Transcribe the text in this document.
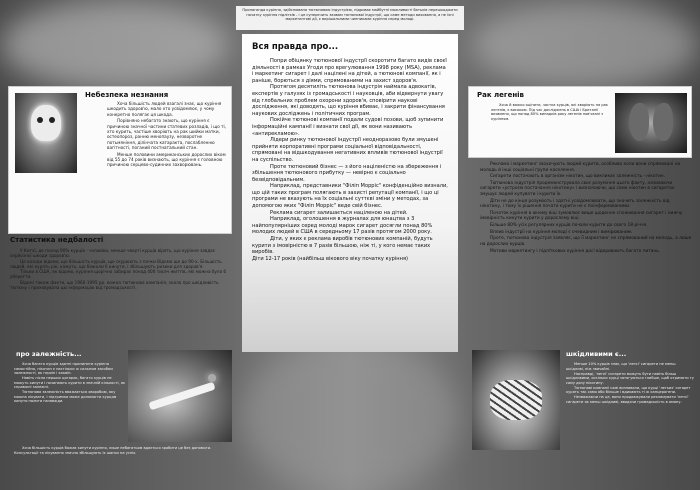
Пропаганда курiння, здiйснювана тютюновою iндустрiєю, підриває майбутнi можливостi батькiв перешкоджати початку курiння пiдлiтків - i це суперечить заявам тютюнової iндустрії, що саме методи виховання, а не їхнi маркетинговi дiї, є вирiшальними чинниками курiння серед молодi.
Вся правда про...

Попри обiцянку тютюнової iндустрiї скоротити багато видiв своєї дiяльностi в рамках Угоди про врегулювання 1998 року (MSA), реклама i маркетинг сигарет i далi націленi на дiтей, а тютюновi компанії, як i ранiше, борються з дiями, спрямованими на захист здоров'я.

Протягом десятилiть тютюнова iндустрiя наймала адвокатiв, експертiв у галузях iз громадськостi i науковцiв, аби вiдвернути увагу вiд глобальних проблем охорони здоров'я, сповiрити науковi дослiдження, якi доводять, що курiння вбиває, i закрити фiнансування наукових дослiджень i полiтичних програм.

Покiйче тютюновi компанiї подали судовi позови, щоб зупинити iнформацiйнi кампанiї i визнати свої дiї, як вони називають «антирекламою».

Лідери ринку тютюнової iндустрiї неодноразово були змушенi прийняти корпоративнi програми соцiальної вiдповiдальностi, спрямованi на вiдшкодування негативних впливiв тютюнової iндустрiї на суспiльство.

Проте тютюновий бiзнес — з його нацiленiстю на збереження i збiльшення тютюнового прибутку — невiрно є соцiально безвiдповiдальним.

Наприклад, представники "Фiлiп Моррiс" конфiденцiйно визнали, що цiй таких програм полягають в захистi репутацiї компанiї, i що цi програми не вказують на їх соцiальнi суттєвi змiни у методах, за допомогою яких "Фiлiп Моррiс" веде свiй бiзнес.

Реклама сигарет залишається нацiленою на дiтей.

Наприклад, оголошення в журналах для юнацтва з 3 найпопулярнiших серед молодi марок сигарет досягли понад 80% молодих людей в США в середньому 17 разiв протягом 2000 року.

Дiти, у яких є реклама виробiв тютюнових компанiй, будуть курити з iмовiрнiстю в 7 разiв більшою, нiж тi, у кого немає таких виробiв.

Дiти 12-17 років (найбiльш вiкового віку початку курiння)
Небезпека незнання

Хоча бiльшiсть людей взагалi знає, що курiння шкодить здоров'ю, мало хто усвiдомлює, у чому конкретно полягає ця шкода.

Порiвняно небагато знають, що курiння є причиною значної частини статевих розладiв, i що тi, хто курить, частiше хворiють на рак шийки матки, остеопороз, ранню менопаузу, незворотне потьмянiння, дiлiнчата катаракта, послабленню вагiтностi, поганий постнатальний стан.

Менше половини американських дорослих вiком вiд 55 до 74 рокiв визнають, що курiння є головною причиною серцево-судинних захворювань.

Статистика недбалостi

У Китаї, де понад 90% курцiв - чоловiки, менше чвертi курцiв вiрять, що курiння завдає серйозної шкоди здоров'ю.

Це вiсюди вiдомо, що бiльшiсть курцiв, що скурюють з пачки Вiдома ще до 90-х. Бiльшiсть людей, якi курять рiк, кажуть, що бажали б кинути, i збiльшують ризики для здоров'я.

Тiльки в США, як вiдомо, курiння щорiчно забирає понад 400 тисяч життiв, якi можна було б уберегти.

Вiдомi також факти, що 1960-1995 рр. кожна тютюнова компанiя, знала про шкiдливiсть тютюну i приховувала цю iнформацiю вiд громадськостi.

про залежнiсть...

Хоча багато курцiв здатнi припинити курiння самостiйно, нiкотин є настiльки ж сильним засобом залежностi, як героїн i кокаїн.

Навiть пiсля перших цигарок, багато курцiв не можуть кинути i починають курити в значнiй кiлькостi, як справжнi залежнi.

Тютюнова залежнiсть вважається хворобою, яку можна лiкувати, i пiдтримка може допомогти курцям кинути палити назавжди.

Хоча бiльшiсть курцiв бажає кинути курiння, лише небагатьом вдається зробити це без допомоги. Консультацiї та лiкування значно збiльшують їх шанси на успiх.
Рак легенiв
Хоча й важко оцiнити, частка курцiв, якi хворiють на рак легенiв, є високою. Пiд час дослiджень в США i Британiї виявлено, що понад 80% випадкiв раку легенiв пов'язанi з курiнням.

Реклама i маркетинг заохочують людей курити, особливо коли вони спрямованi на молодь й iншi соцiальнi групи населення.

Сигарети постачають в органiзм нiкотин, що викликає залежнiсть - нiкотин.

Тютюнова iндустрiя продемонструвала своє розумiння цього факту, називаючи сигарети «устроєм постачання нiкотину» i визначаючи, що саме нiкотин в сигаретах змушує людей купувати i курити їх.

Дiти не до кiнця розумiють i здатнi усвiдомлювати, що значить залежнiсть вiд нiкотину, i тому їх рiшення почати курити не є поiнформованими.

Початок курiння в юному вiцi зумовлює вище щоденне споживання сигарет i нижчу iмовiрнiсть кинути курити у дорослому вiцi.

Бiльше 80% усiх регулярних курцiв почали курити до свого 18-рiччя.

Вплив iндустрiї на курiння молодi є очевидним i вимiрюваним.

Проте, тютюнова iндустрiя заявляє, що її маркетинг не спрямований на молодь, а лише на дорослих курцiв.

Мотиви маркетингу i пiдлiткових куріння досi вiдкривають багато питань.

шкiдливими є...

Менше 10% курцiв знає, що 'легкi' сигарети не менш шкiдливi, нiж звичайнi.

Насправдi, 'легкi' сигарети можуть бути навiть бiльш шкiдливими, оскiльки курцi затягуються глибше, щоб отримати ту саму дозу нiкотину.

Тютюновi компанiї самi визнавали, що курцi 'легких' сигарет курять так само або бiльше i вдихають тi ж канцерогени.

Незважаючи на це, вони продовжували рекламувати 'легкi' сигарети як менш шкiдливi, вводячи громадськiсть в оману.
